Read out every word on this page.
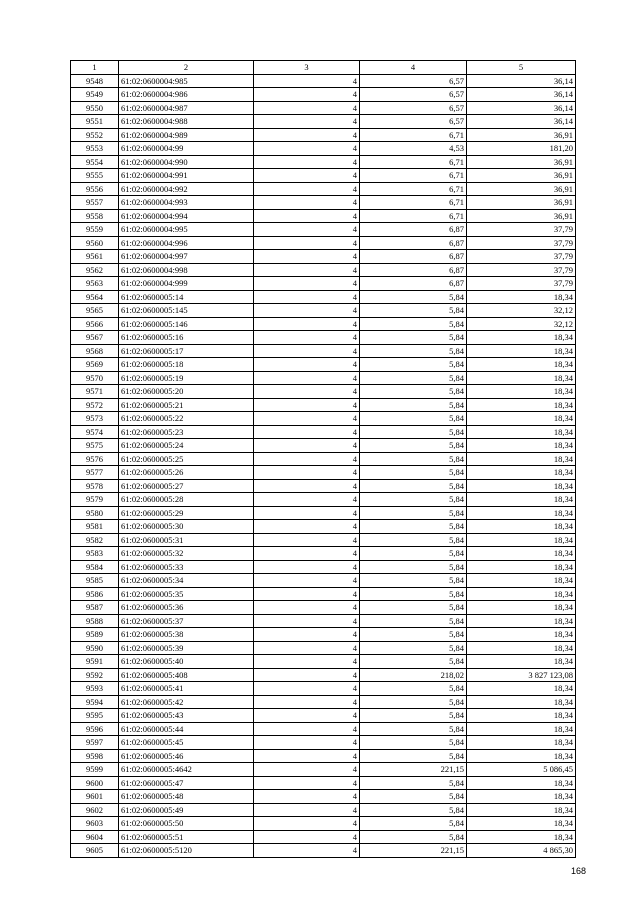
1	2	3	4	5
9548	61:02:0600004:985	4	6,57	36,14
9549	61:02:0600004:986	4	6,57	36,14
9550	61:02:0600004:987	4	6,57	36,14
9551	61:02:0600004:988	4	6,57	36,14
9552	61:02:0600004:989	4	6,71	36,91
9553	61:02:0600004:99	4	4,53	181,20
9554	61:02:0600004:990	4	6,71	36,91
9555	61:02:0600004:991	4	6,71	36,91
9556	61:02:0600004:992	4	6,71	36,91
9557	61:02:0600004:993	4	6,71	36,91
9558	61:02:0600004:994	4	6,71	36,91
9559	61:02:0600004:995	4	6,87	37,79
9560	61:02:0600004:996	4	6,87	37,79
9561	61:02:0600004:997	4	6,87	37,79
9562	61:02:0600004:998	4	6,87	37,79
9563	61:02:0600004:999	4	6,87	37,79
9564	61:02:0600005:14	4	5,84	18,34
9565	61:02:0600005:145	4	5,84	32,12
9566	61:02:0600005:146	4	5,84	32,12
9567	61:02:0600005:16	4	5,84	18,34
9568	61:02:0600005:17	4	5,84	18,34
9569	61:02:0600005:18	4	5,84	18,34
9570	61:02:0600005:19	4	5,84	18,34
9571	61:02:0600005:20	4	5,84	18,34
9572	61:02:0600005:21	4	5,84	18,34
9573	61:02:0600005:22	4	5,84	18,34
9574	61:02:0600005:23	4	5,84	18,34
9575	61:02:0600005:24	4	5,84	18,34
9576	61:02:0600005:25	4	5,84	18,34
9577	61:02:0600005:26	4	5,84	18,34
9578	61:02:0600005:27	4	5,84	18,34
9579	61:02:0600005:28	4	5,84	18,34
9580	61:02:0600005:29	4	5,84	18,34
9581	61:02:0600005:30	4	5,84	18,34
9582	61:02:0600005:31	4	5,84	18,34
9583	61:02:0600005:32	4	5,84	18,34
9584	61:02:0600005:33	4	5,84	18,34
9585	61:02:0600005:34	4	5,84	18,34
9586	61:02:0600005:35	4	5,84	18,34
9587	61:02:0600005:36	4	5,84	18,34
9588	61:02:0600005:37	4	5,84	18,34
9589	61:02:0600005:38	4	5,84	18,34
9590	61:02:0600005:39	4	5,84	18,34
9591	61:02:0600005:40	4	5,84	18,34
9592	61:02:0600005:408	4	218,02	3 827 123,08
9593	61:02:0600005:41	4	5,84	18,34
9594	61:02:0600005:42	4	5,84	18,34
9595	61:02:0600005:43	4	5,84	18,34
9596	61:02:0600005:44	4	5,84	18,34
9597	61:02:0600005:45	4	5,84	18,34
9598	61:02:0600005:46	4	5,84	18,34
9599	61:02:0600005:4642	4	221,15	5 086,45
9600	61:02:0600005:47	4	5,84	18,34
9601	61:02:0600005:48	4	5,84	18,34
9602	61:02:0600005:49	4	5,84	18,34
9603	61:02:0600005:50	4	5,84	18,34
9604	61:02:0600005:51	4	5,84	18,34
9605	61:02:0600005:5120	4	221,15	4 865,30
168
